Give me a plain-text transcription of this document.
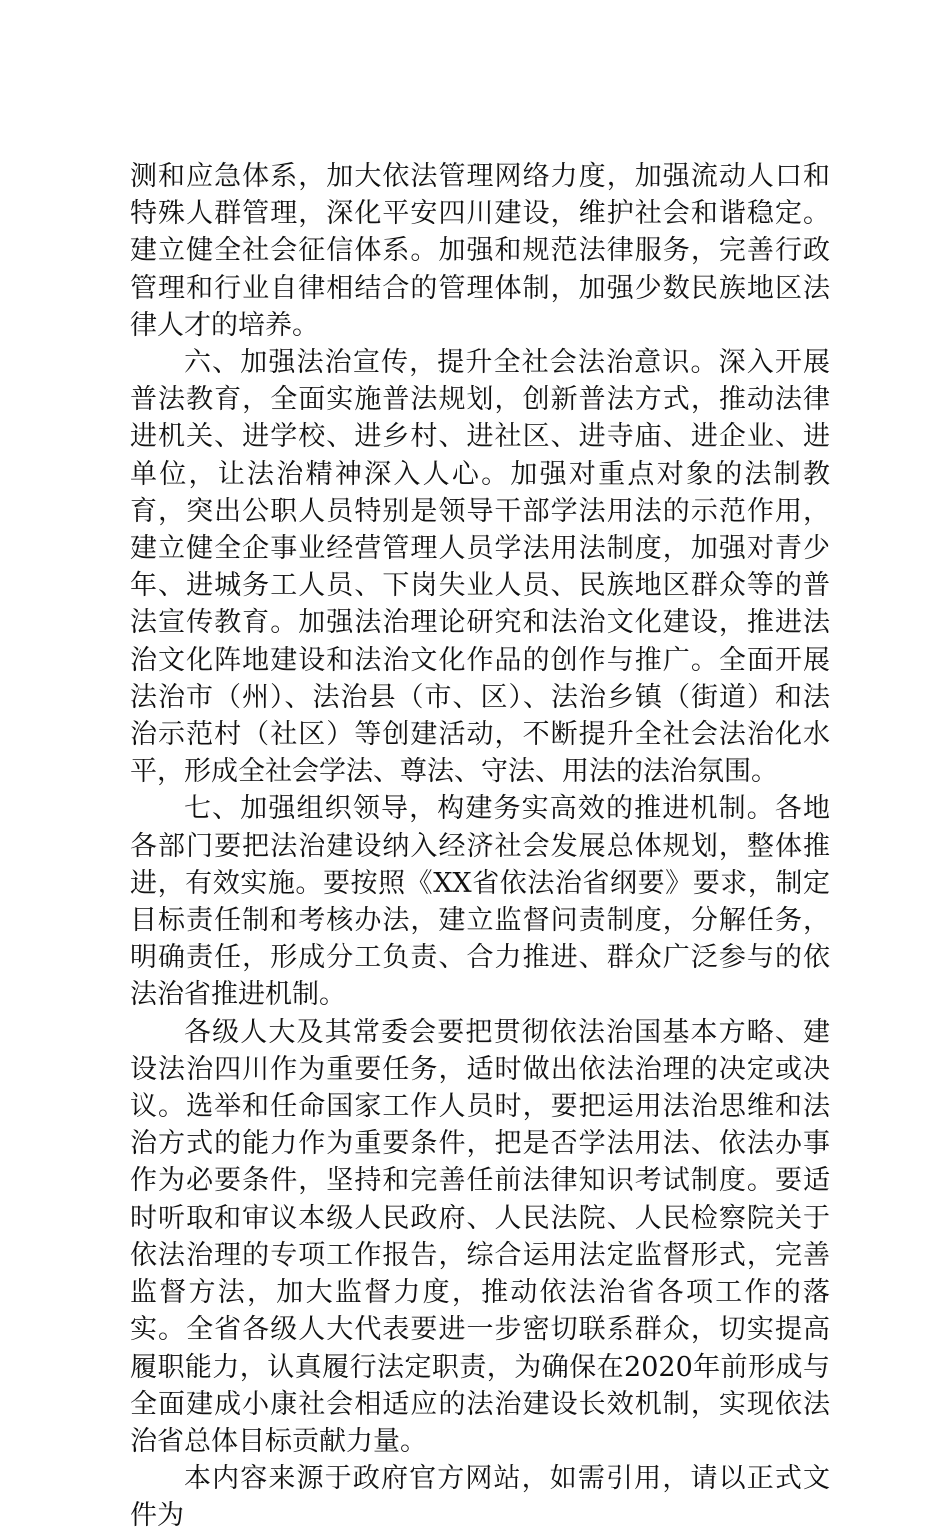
测和应急体系，加大依法管理网络力度，加强流动人口和特殊人群管理，深化平安四川建设，维护社会和谐稳定。建立健全社会征信体系。加强和规范法律服务，完善行政管理和行业自律相结合的管理体制，加强少数民族地区法律人才的培养。

六、加强法治宣传，提升全社会法治意识。深入开展普法教育，全面实施普法规划，创新普法方式，推动法律进机关、进学校、进乡村、进社区、进寺庙、进企业、进单位，让法治精神深入人心。加强对重点对象的法制教育，突出公职人员特别是领导干部学法用法的示范作用，建立健全企事业经营管理人员学法用法制度，加强对青少年、进城务工人员、下岗失业人员、民族地区群众等的普法宣传教育。加强法治理论研究和法治文化建设，推进法治文化阵地建设和法治文化作品的创作与推广。全面开展法治市（州）、法治县（市、区）、法治乡镇（街道）和法治示范村（社区）等创建活动，不断提升全社会法治化水平，形成全社会学法、尊法、守法、用法的法治氛围。

七、加强组织领导，构建务实高效的推进机制。各地各部门要把法治建设纳入经济社会发展总体规划，整体推进，有效实施。要按照《XX省依法治省纲要》要求，制定目标责任制和考核办法，建立监督问责制度，分解任务，明确责任，形成分工负责、合力推进、群众广泛参与的依法治省推进机制。

各级人大及其常委会要把贯彻依法治国基本方略、建设法治四川作为重要任务，适时做出依法治理的决定或决议。选举和任命国家工作人员时，要把运用法治思维和法治方式的能力作为重要条件，把是否学法用法、依法办事作为必要条件，坚持和完善任前法律知识考试制度。要适时听取和审议本级人民政府、人民法院、人民检察院关于依法治理的专项工作报告，综合运用法定监督形式，完善监督方法，加大监督力度，推动依法治省各项工作的落实。全省各级人大代表要进一步密切联系群众，切实提高履职能力，认真履行法定职责，为确保在2020年前形成与全面建成小康社会相适应的法治建设长效机制，实现依法治省总体目标贡献力量。

本内容来源于政府官方网站，如需引用，请以正式文件为
